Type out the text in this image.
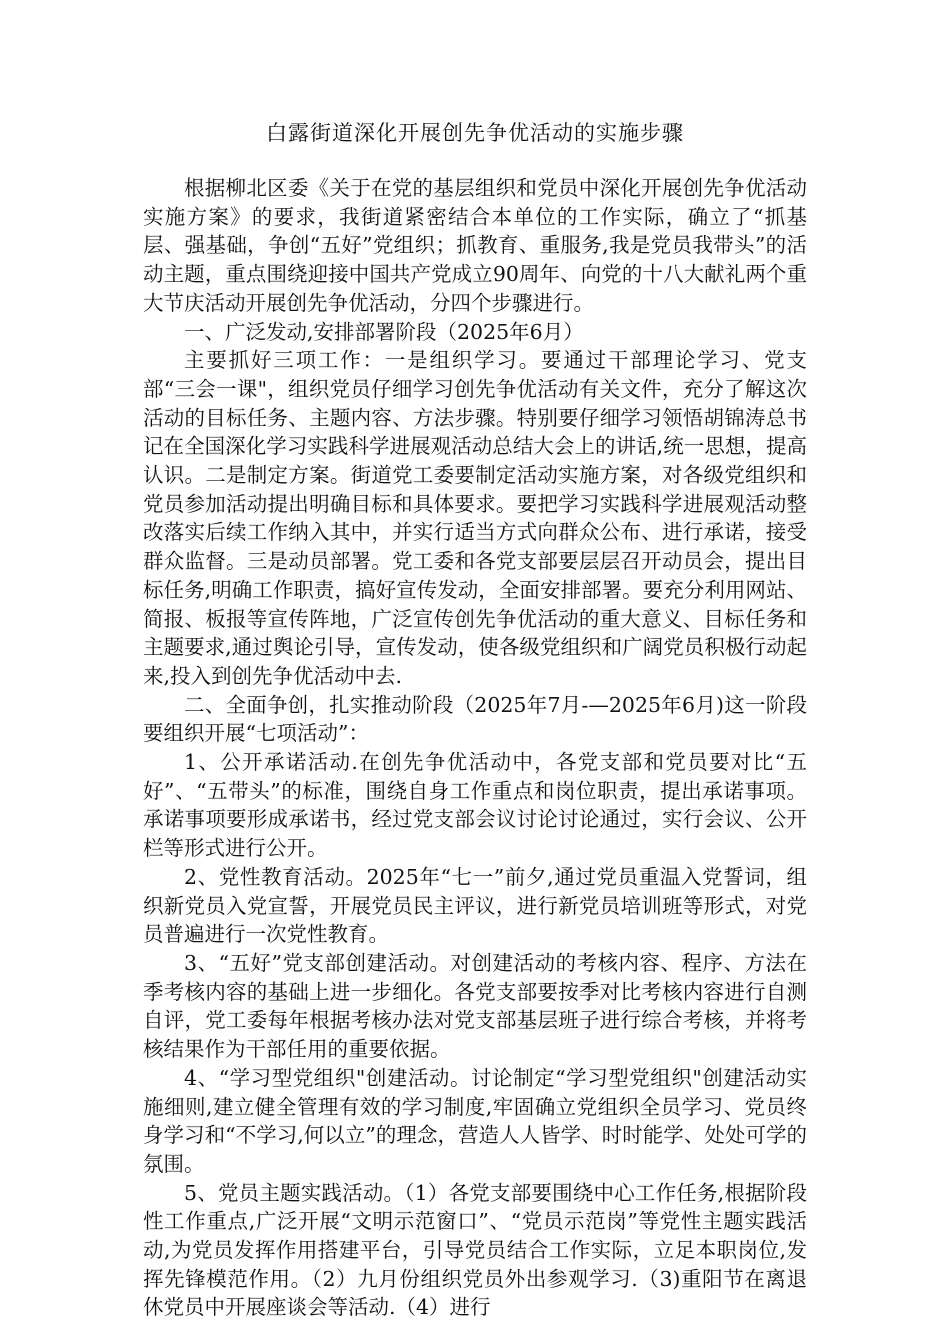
白露街道深化开展创先争优活动的实施步骤

根据柳北区委《关于在党的基层组织和党员中深化开展创先争优活动实施方案》的要求，我街道紧密结合本单位的工作实际，确立了“抓基层、强基础，争创“五好”党组织；抓教育、重服务,我是党员我带头”的活动主题，重点围绕迎接中国共产党成立90周年、向党的十八大献礼两个重大节庆活动开展创先争优活动，分四个步骤进行。

一、广泛发动,安排部署阶段（2025年6月）

主要抓好三项工作：一是组织学习。要通过干部理论学习、党支部“三会一课"，组织党员仔细学习创先争优活动有关文件，充分了解这次活动的目标任务、主题内容、方法步骤。特别要仔细学习领悟胡锦涛总书记在全国深化学习实践科学进展观活动总结大会上的讲话,统一思想，提高认识。二是制定方案。街道党工委要制定活动实施方案，对各级党组织和党员参加活动提出明确目标和具体要求。要把学习实践科学进展观活动整改落实后续工作纳入其中，并实行适当方式向群众公布、进行承诺，接受群众监督。三是动员部署。党工委和各党支部要层层召开动员会，提出目标任务,明确工作职责，搞好宣传发动，全面安排部署。要充分利用网站、简报、板报等宣传阵地，广泛宣传创先争优活动的重大意义、目标任务和主题要求,通过舆论引导，宣传发动，使各级党组织和广阔党员积极行动起来,投入到创先争优活动中去.

二、全面争创，扎实推动阶段（2025年7月-—2025年6月)这一阶段要组织开展“七项活动”：

1、公开承诺活动.在创先争优活动中，各党支部和党员要对比“五好”、“五带头”的标准，围绕自身工作重点和岗位职责，提出承诺事项。承诺事项要形成承诺书，经过党支部会议讨论讨论通过，实行会议、公开栏等形式进行公开。

2、党性教育活动。2025年“七一”前夕,通过党员重温入党誓词，组织新党员入党宣誓，开展党员民主评议，进行新党员培训班等形式，对党员普遍进行一次党性教育。

3、“五好”党支部创建活动。对创建活动的考核内容、程序、方法在季考核内容的基础上进一步细化。各党支部要按季对比考核内容进行自测自评，党工委每年根据考核办法对党支部基层班子进行综合考核，并将考核结果作为干部任用的重要依据。

4、“学习型党组织"创建活动。讨论制定“学习型党组织"创建活动实施细则,建立健全管理有效的学习制度,牢固确立党组织全员学习、党员终身学习和“不学习,何以立”的理念，营造人人皆学、时时能学、处处可学的氛围。

5、党员主题实践活动。（1）各党支部要围绕中心工作任务,根据阶段性工作重点,广泛开展“文明示范窗口”、“党员示范岗”等党性主题实践活动,为党员发挥作用搭建平台，引导党员结合工作实际，立足本职岗位,发挥先锋模范作用。（2）九月份组织党员外出参观学习.（3)重阳节在离退休党员中开展座谈会等活动.（4）进行
